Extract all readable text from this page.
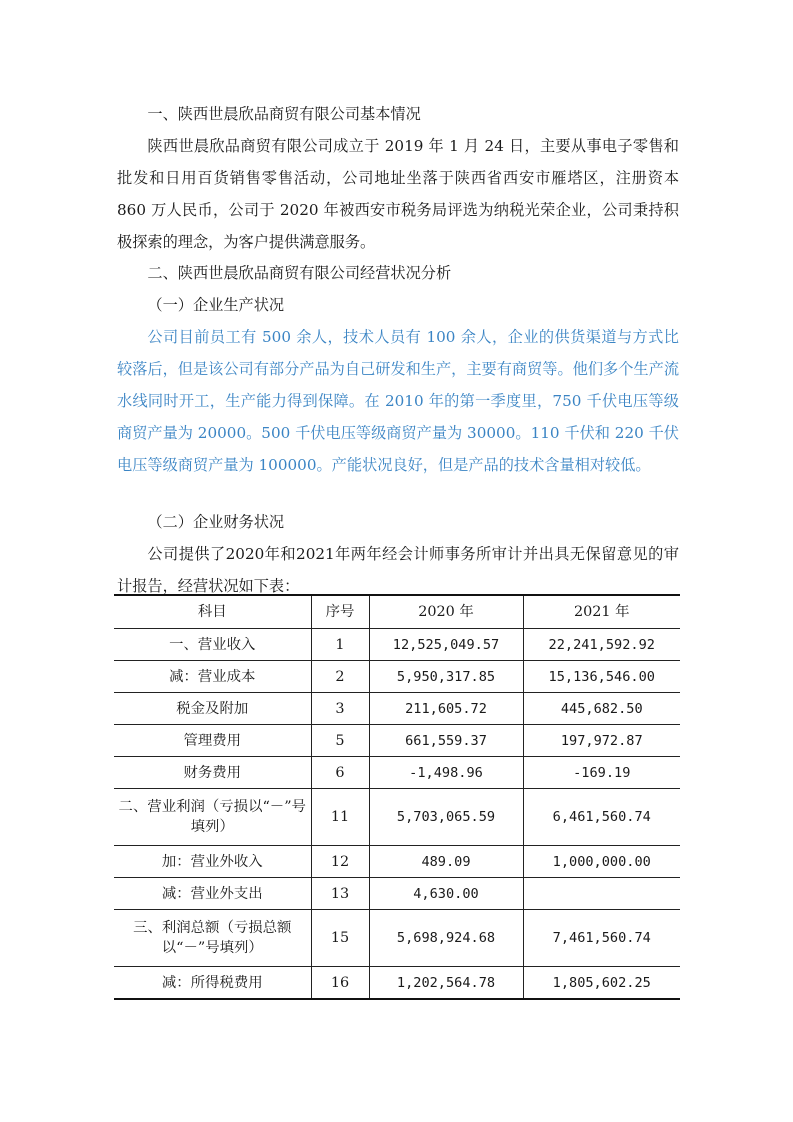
一、陕西世晨欣品商贸有限公司基本情况

陕西世晨欣品商贸有限公司成立于 2019 年 1 月 24 日，主要从事电子零售和批发和日用百货销售零售活动，公司地址坐落于陕西省西安市雁塔区，注册资本 860 万人民币，公司于 2020 年被西安市税务局评选为纳税光荣企业，公司秉持积极探索的理念，为客户提供满意服务。

二、陕西世晨欣品商贸有限公司经营状况分析

（一）企业生产状况

公司目前员工有 500 余人，技术人员有 100 余人，企业的供货渠道与方式比较落后，但是该公司有部分产品为自己研发和生产，主要有商贸等。他们多个生产流水线同时开工，生产能力得到保障。在 2010 年的第一季度里，750 千伏电压等级商贸产量为 20000。500 千伏电压等级商贸产量为 30000。110 千伏和 220 千伏电压等级商贸产量为 100000。产能状况良好，但是产品的技术含量相对较低。

（二）企业财务状况

公司提供了2020年和2021年两年经会计师事务所审计并出具无保留意见的审计报告，经营状况如下表：

科目	序号	2020 年	2021 年
一、营业收入	1	12,525,049.57	22,241,592.92
减：营业成本	2	5,950,317.85	15,136,546.00
税金及附加	3	211,605.72	445,682.50
管理费用	5	661,559.37	197,972.87
财务费用	6	-1,498.96	-169.19
二、营业利润（亏损以“－”号填列）	11	5,703,065.59	6,461,560.74
加：营业外收入	12	489.09	1,000,000.00
减：营业外支出	13	4,630.00	
三、利润总额（亏损总额以“－”号填列）	15	5,698,924.68	7,461,560.74
减：所得税费用	16	1,202,564.78	1,805,602.25
